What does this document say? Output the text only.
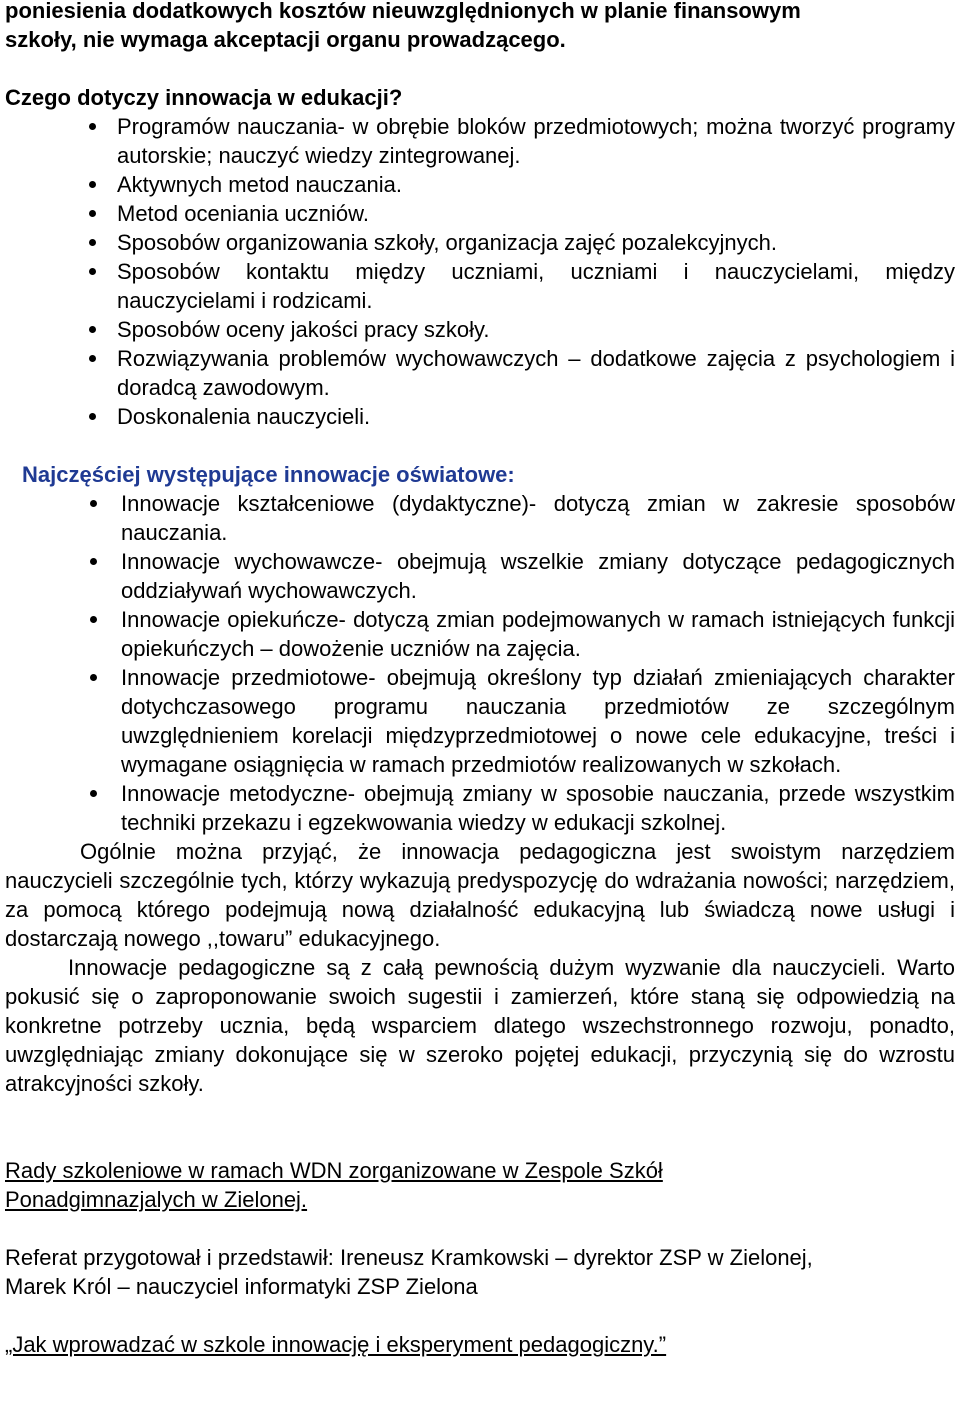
poniesienia dodatkowych kosztów nieuwzględnionych w planie finansowym

szkoły, nie wymaga akceptacji organu prowadzącego.

Czego dotyczy innowacja w edukacji?

Programów nauczania- w obrębie bloków przedmiotowych; można tworzyć programy autorskie; nauczyć wiedzy zintegrowanej.
Aktywnych metod nauczania.
Metod oceniania uczniów.
Sposobów organizowania szkoły, organizacja zajęć pozalekcyjnych.
Sposobów kontaktu między uczniami, uczniami i nauczycielami, między nauczycielami i rodzicami.
Sposobów oceny jakości pracy szkoły.
Rozwiązywania problemów wychowawczych – dodatkowe zajęcia z psychologiem i doradcą zawodowym.
Doskonalenia nauczycieli.

Najczęściej występujące innowacje oświatowe:

Innowacje kształceniowe (dydaktyczne)- dotyczą zmian w zakresie sposobów nauczania.
Innowacje wychowawcze- obejmują wszelkie zmiany dotyczące pedagogicznych oddziaływań wychowawczych.
Innowacje opiekuńcze- dotyczą zmian podejmowanych w ramach istniejących funkcji opiekuńczych – dowożenie uczniów na zajęcia.
Innowacje przedmiotowe- obejmują określony typ działań zmieniających charakter dotychczasowego programu nauczania przedmiotów ze szczególnym uwzględnieniem korelacji międzyprzedmiotowej o nowe cele edukacyjne, treści i wymagane osiągnięcia w ramach przedmiotów realizowanych w szkołach.
Innowacje metodyczne- obejmują zmiany w sposobie nauczania, przede wszystkim techniki przekazu i egzekwowania wiedzy w edukacji szkolnej.

Ogólnie można przyjąć, że innowacja pedagogiczna jest swoistym narzędziem nauczycieli szczególnie tych, którzy wykazują predyspozycję do wdrażania nowości; narzędziem, za pomocą którego podejmują nową działalność edukacyjną lub świadczą nowe usługi i dostarczają nowego ,,towaru” edukacyjnego.

Innowacje pedagogiczne są z całą pewnością dużym wyzwanie dla nauczycieli. Warto pokusić się o zaproponowanie swoich sugestii i zamierzeń, które staną się odpowiedzią na konkretne potrzeby ucznia, będą wsparciem dlatego wszechstronnego rozwoju, ponadto, uwzględniając zmiany dokonujące się w szeroko pojętej edukacji, przyczynią się do wzrostu atrakcyjności szkoły.

Rady szkoleniowe w ramach WDN zorganizowane w Zespole Szkół

Ponadgimnazjalych w Zielonej.

Referat przygotował i przedstawił: Ireneusz Kramkowski – dyrektor ZSP w Zielonej,

Marek Król – nauczyciel informatyki ZSP Zielona

„Jak wprowadzać w szkole innowację i eksperyment pedagogiczny.”
